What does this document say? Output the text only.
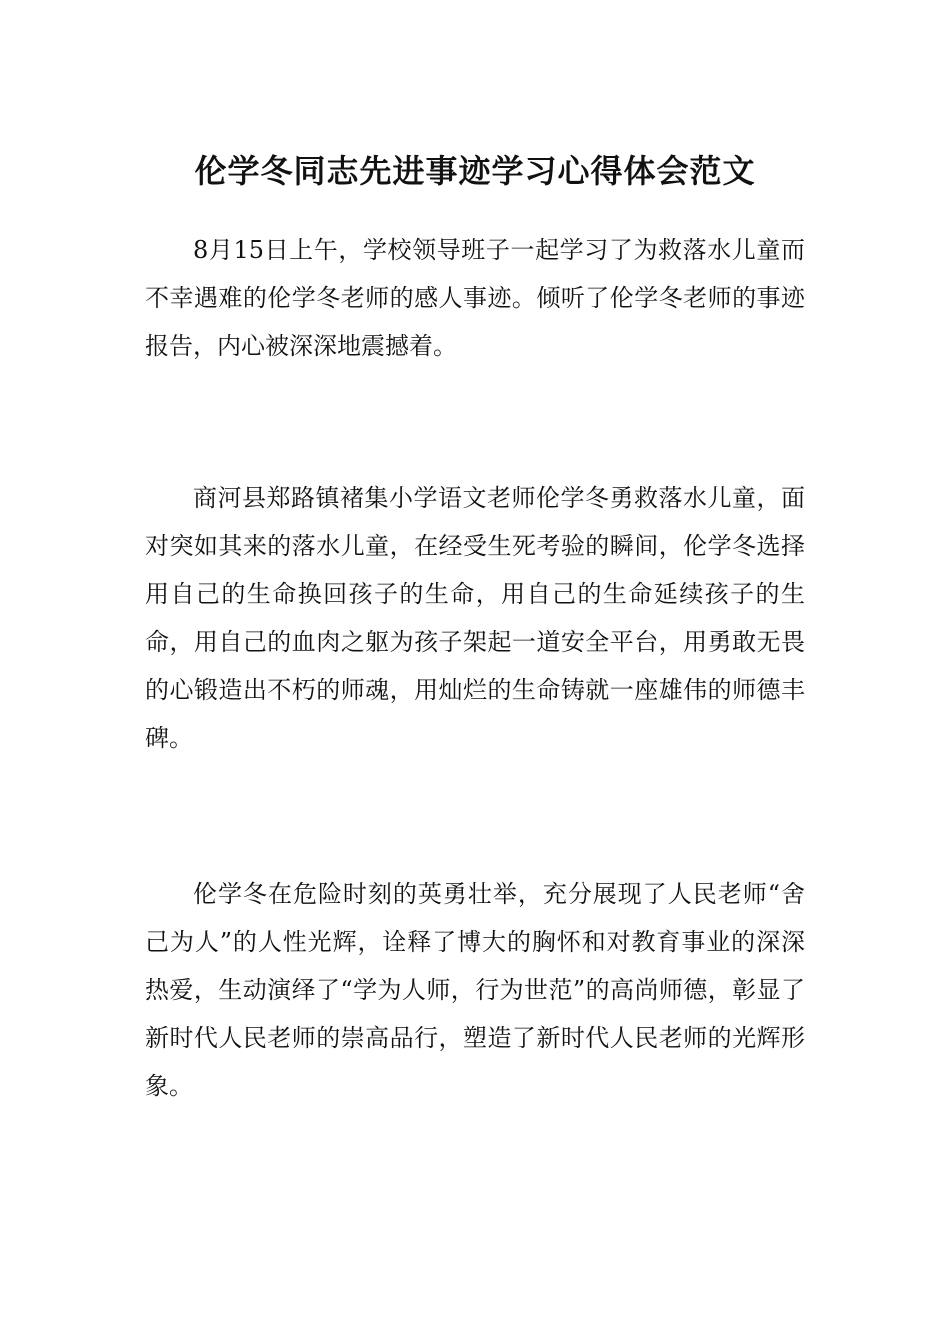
伦学冬同志先进事迹学习心得体会范文

8月15日上午，学校领导班子一起学习了为救落水儿童而不幸遇难的伦学冬老师的感人事迹。倾听了伦学冬老师的事迹报告，内心被深深地震撼着。

商河县郑路镇褚集小学语文老师伦学冬勇救落水儿童，面对突如其来的落水儿童，在经受生死考验的瞬间，伦学冬选择用自己的生命换回孩子的生命，用自己的生命延续孩子的生命，用自己的血肉之躯为孩子架起一道安全平台，用勇敢无畏的心锻造出不朽的师魂，用灿烂的生命铸就一座雄伟的师德丰碑。

伦学冬在危险时刻的英勇壮举，充分展现了人民老师“舍己为人”的人性光辉，诠释了博大的胸怀和对教育事业的深深热爱，生动演绎了“学为人师，行为世范”的高尚师德，彰显了新时代人民老师的崇高品行，塑造了新时代人民老师的光辉形象。
